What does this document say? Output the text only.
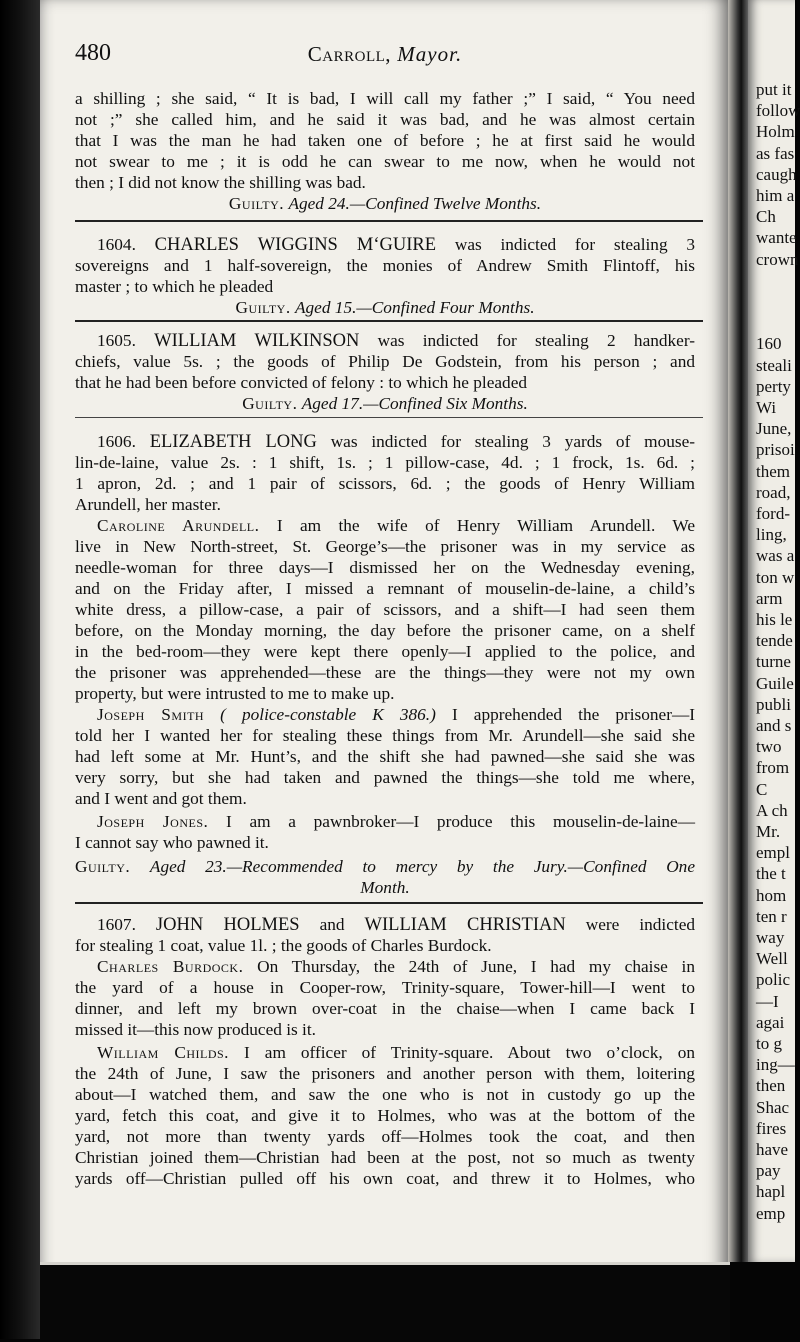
480	Carroll, Mayor.
put it
follow
Holm
as fas
caugh
him a
Ch
wante
crown
160
steali
perty
Wi
June,
prisoi
them
road,
ford-
ling,
was a
ton w
arm
his le
tende
turne
Guile
publi
and s
two
from
C
A ch
Mr.
empl
the t
hom
ten r
way
Well
polic
—I
agai
to g
ing—
then
Shac
fires
have
pay
hapl
emp
a shilling ; she said, “ It is bad, I will call my father ;” I said, “ You need
not ;” she called him, and he said it was bad, and he was almost certain
that I was the man he had taken one of before ; he at first said he would
not swear to me ; it is odd he can swear to me now, when he would not
then ; I did not know the shilling was bad.
Guilty. Aged 24.—Confined Twelve Months.
1604. CHARLES WIGGINS M‘GUIRE was indicted for stealing 3
sovereigns and 1 half-sovereign, the monies of Andrew Smith Flintoff, his
master ; to which he pleaded
Guilty. Aged 15.—Confined Four Months.
1605. WILLIAM WILKINSON was indicted for stealing 2 handker-
chiefs, value 5s. ; the goods of Philip De Godstein, from his person ; and
that he had been before convicted of felony : to which he pleaded
Guilty. Aged 17.—Confined Six Months.
1606. ELIZABETH LONG was indicted for stealing 3 yards of mouse-
lin-de-laine, value 2s. : 1 shift, 1s. ; 1 pillow-case, 4d. ; 1 frock, 1s. 6d. ;
1 apron, 2d. ; and 1 pair of scissors, 6d. ; the goods of Henry William
Arundell, her master.
Caroline Arundell. I am the wife of Henry William Arundell. We
live in New North-street, St. George’s—the prisoner was in my service as
needle-woman for three days—I dismissed her on the Wednesday evening,
and on the Friday after, I missed a remnant of mouselin-de-laine, a child’s
white dress, a pillow-case, a pair of scissors, and a shift—I had seen them
before, on the Monday morning, the day before the prisoner came, on a shelf
in the bed-room—they were kept there openly—I applied to the police, and
the prisoner was apprehended—these are the things—they were not my own
property, but were intrusted to me to make up.
Joseph Smith ( police-constable K 386.) I apprehended the prisoner—I
told her I wanted her for stealing these things from Mr. Arundell—she said she
had left some at Mr. Hunt’s, and the shift she had pawned—she said she was
very sorry, but she had taken and pawned the things—she told me where,
and I went and got them.
Joseph Jones. I am a pawnbroker—I produce this mouselin-de-laine—
I cannot say who pawned it.
Guilty. Aged 23.—Recommended to mercy by the Jury.—Confined One
Month.
1607. JOHN HOLMES and WILLIAM CHRISTIAN were indicted
for stealing 1 coat, value 1l. ; the goods of Charles Burdock.
Charles Burdock. On Thursday, the 24th of June, I had my chaise in
the yard of a house in Cooper-row, Trinity-square, Tower-hill—I went to
dinner, and left my brown over-coat in the chaise—when I came back I
missed it—this now produced is it.
William Childs. I am officer of Trinity-square. About two o’clock, on
the 24th of June, I saw the prisoners and another person with them, loitering
about—I watched them, and saw the one who is not in custody go up the
yard, fetch this coat, and give it to Holmes, who was at the bottom of the
yard, not more than twenty yards off—Holmes took the coat, and then
Christian joined them—Christian had been at the post, not so much as twenty
yards off—Christian pulled off his own coat, and threw it to Holmes, who
